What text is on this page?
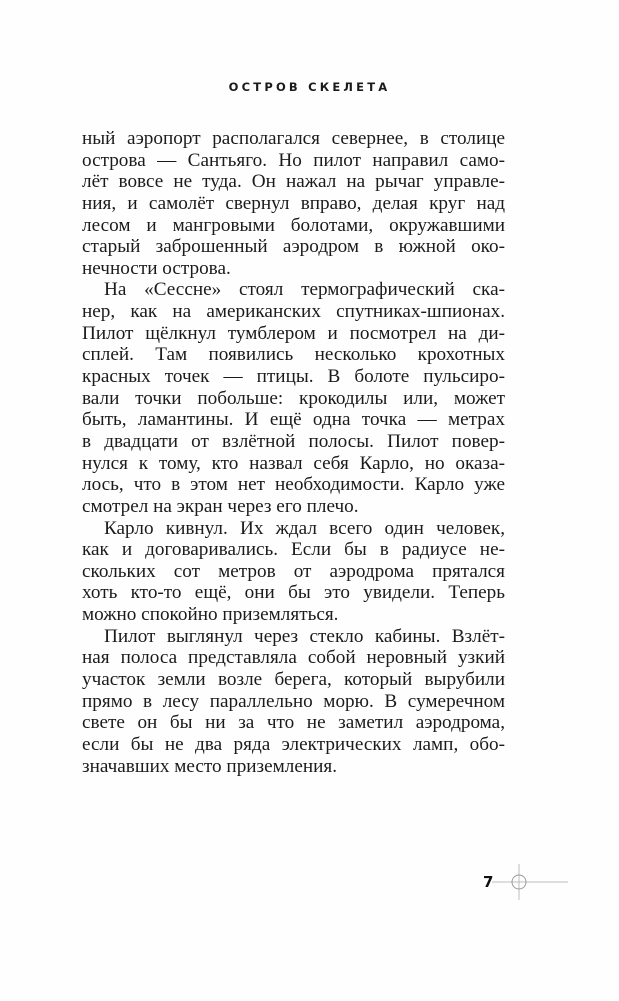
ОСТРОВ СКЕЛЕТА
ный аэропорт располагался севернее, в столице
острова — Сантьяго. Но пилот направил само-
лёт вовсе не туда. Он нажал на рычаг управле-
ния, и самолёт свернул вправо, делая круг над
лесом и мангровыми болотами, окружавшими
старый заброшенный аэродром в южной око-
нечности острова.
На «Сессне» стоял термографический ска-
нер, как на американских спутниках-шпионах.
Пилот щёлкнул тумблером и посмотрел на ди-
сплей. Там появились несколько крохотных
красных точек — птицы. В болоте пульсиро-
вали точки побольше: крокодилы или, может
быть, ламантины. И ещё одна точка — метрах
в двадцати от взлётной полосы. Пилот повер-
нулся к тому, кто назвал себя Карло, но оказа-
лось, что в этом нет необходимости. Карло уже
смотрел на экран через его плечо.
Карло кивнул. Их ждал всего один человек,
как и договаривались. Если бы в радиусе не-
скольких сот метров от аэродрома прятался
хоть кто-то ещё, они бы это увидели. Теперь
можно спокойно приземляться.
Пилот выглянул через стекло кабины. Взлёт-
ная полоса представляла собой неровный узкий
участок земли возле берега, который вырубили
прямо в лесу параллельно морю. В сумеречном
свете он бы ни за что не заметил аэродрома,
если бы не два ряда электрических ламп, обо-
значавших место приземления.
7
